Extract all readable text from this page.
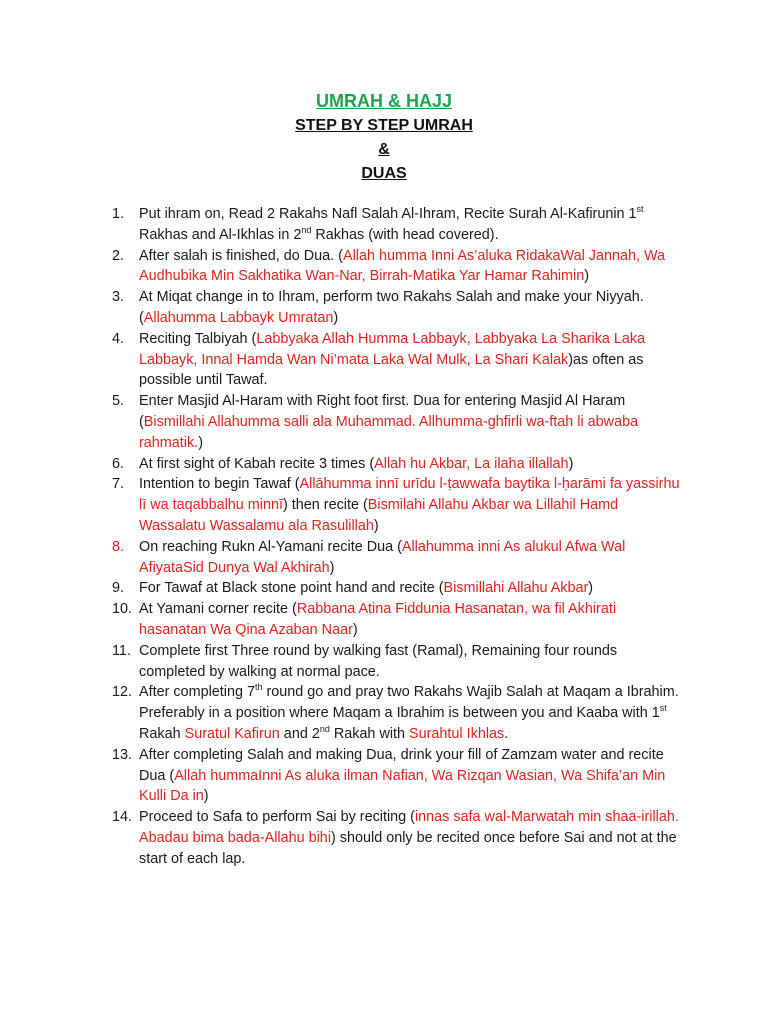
UMRAH & HAJJ
STEP BY STEP UMRAH
&
DUAS
1.	Put ihram on, Read 2 Rakahs Nafl Salah Al-Ihram, Recite Surah Al-Kafirunin 1st Rakhas and Al-Ikhlas in 2nd Rakhas (with head covered).
2.	After salah is finished, do Dua. (Allah humma Inni As’aluka RidakaWal Jannah, Wa Audhubika Min Sakhatika Wan-Nar, Birrah-Matika Yar Hamar Rahimin)
3.	At Miqat change in to Ihram, perform two Rakahs Salah and make your Niyyah. (Allahumma Labbayk Umratan)
4.	Reciting Talbiyah (Labbyaka Allah Humma Labbayk, Labbyaka La Sharika Laka Labbayk, Innal Hamda Wan Ni’mata Laka Wal Mulk, La Shari Kalak)as often as possible until Tawaf.
5.	Enter Masjid Al-Haram with Right foot first. Dua for entering Masjid Al Haram (Bismillahi Allahumma salli ala Muhammad. Allhumma-ghfirli wa-ftah li abwaba rahmatik.)
6.	At first sight of Kabah recite 3 times (Allah hu Akbar, La ilaha illallah)
7.	Intention to begin Tawaf (Allāhumma innī urīdu l-ṭawwafa baytika l-ḥarāmi fa yassirhu lī wa taqabbalhu minnī) then recite (Bismilahi Allahu Akbar wa Lillahil Hamd Wassalatu Wassalamu ala Rasulillah)
8.	On reaching Rukn Al-Yamani recite Dua (Allahumma inni As alukul Afwa Wal AfiyataSid Dunya Wal Akhirah)
9.	For Tawaf at Black stone point hand and recite (Bismillahi Allahu Akbar)
10. At Yamani corner recite (Rabbana Atina Fiddunia Hasanatan, wa fil Akhirati hasanatan Wa Qina Azaban Naar)
11. Complete first Three round by walking fast (Ramal), Remaining four rounds completed by walking at normal pace.
12. After completing 7th round go and pray two Rakahs Wajib Salah at Maqam a Ibrahim. Preferably in a position where Maqam a Ibrahim is between you and Kaaba with 1st Rakah Suratul Kafirun and 2nd Rakah with Surahtul Ikhlas.
13. After completing Salah and making Dua, drink your fill of Zamzam water and recite Dua (Allah hummaInni As aluka ilman Nafian, Wa Rizqan Wasian, Wa Shifa’an Min Kulli Da in)
14. Proceed to Safa to perform Sai by reciting (innas safa wal-Marwatah min shaa-irillah. Abadau bima bada-Allahu bihi) should only be recited once before Sai and not at the start of each lap.
